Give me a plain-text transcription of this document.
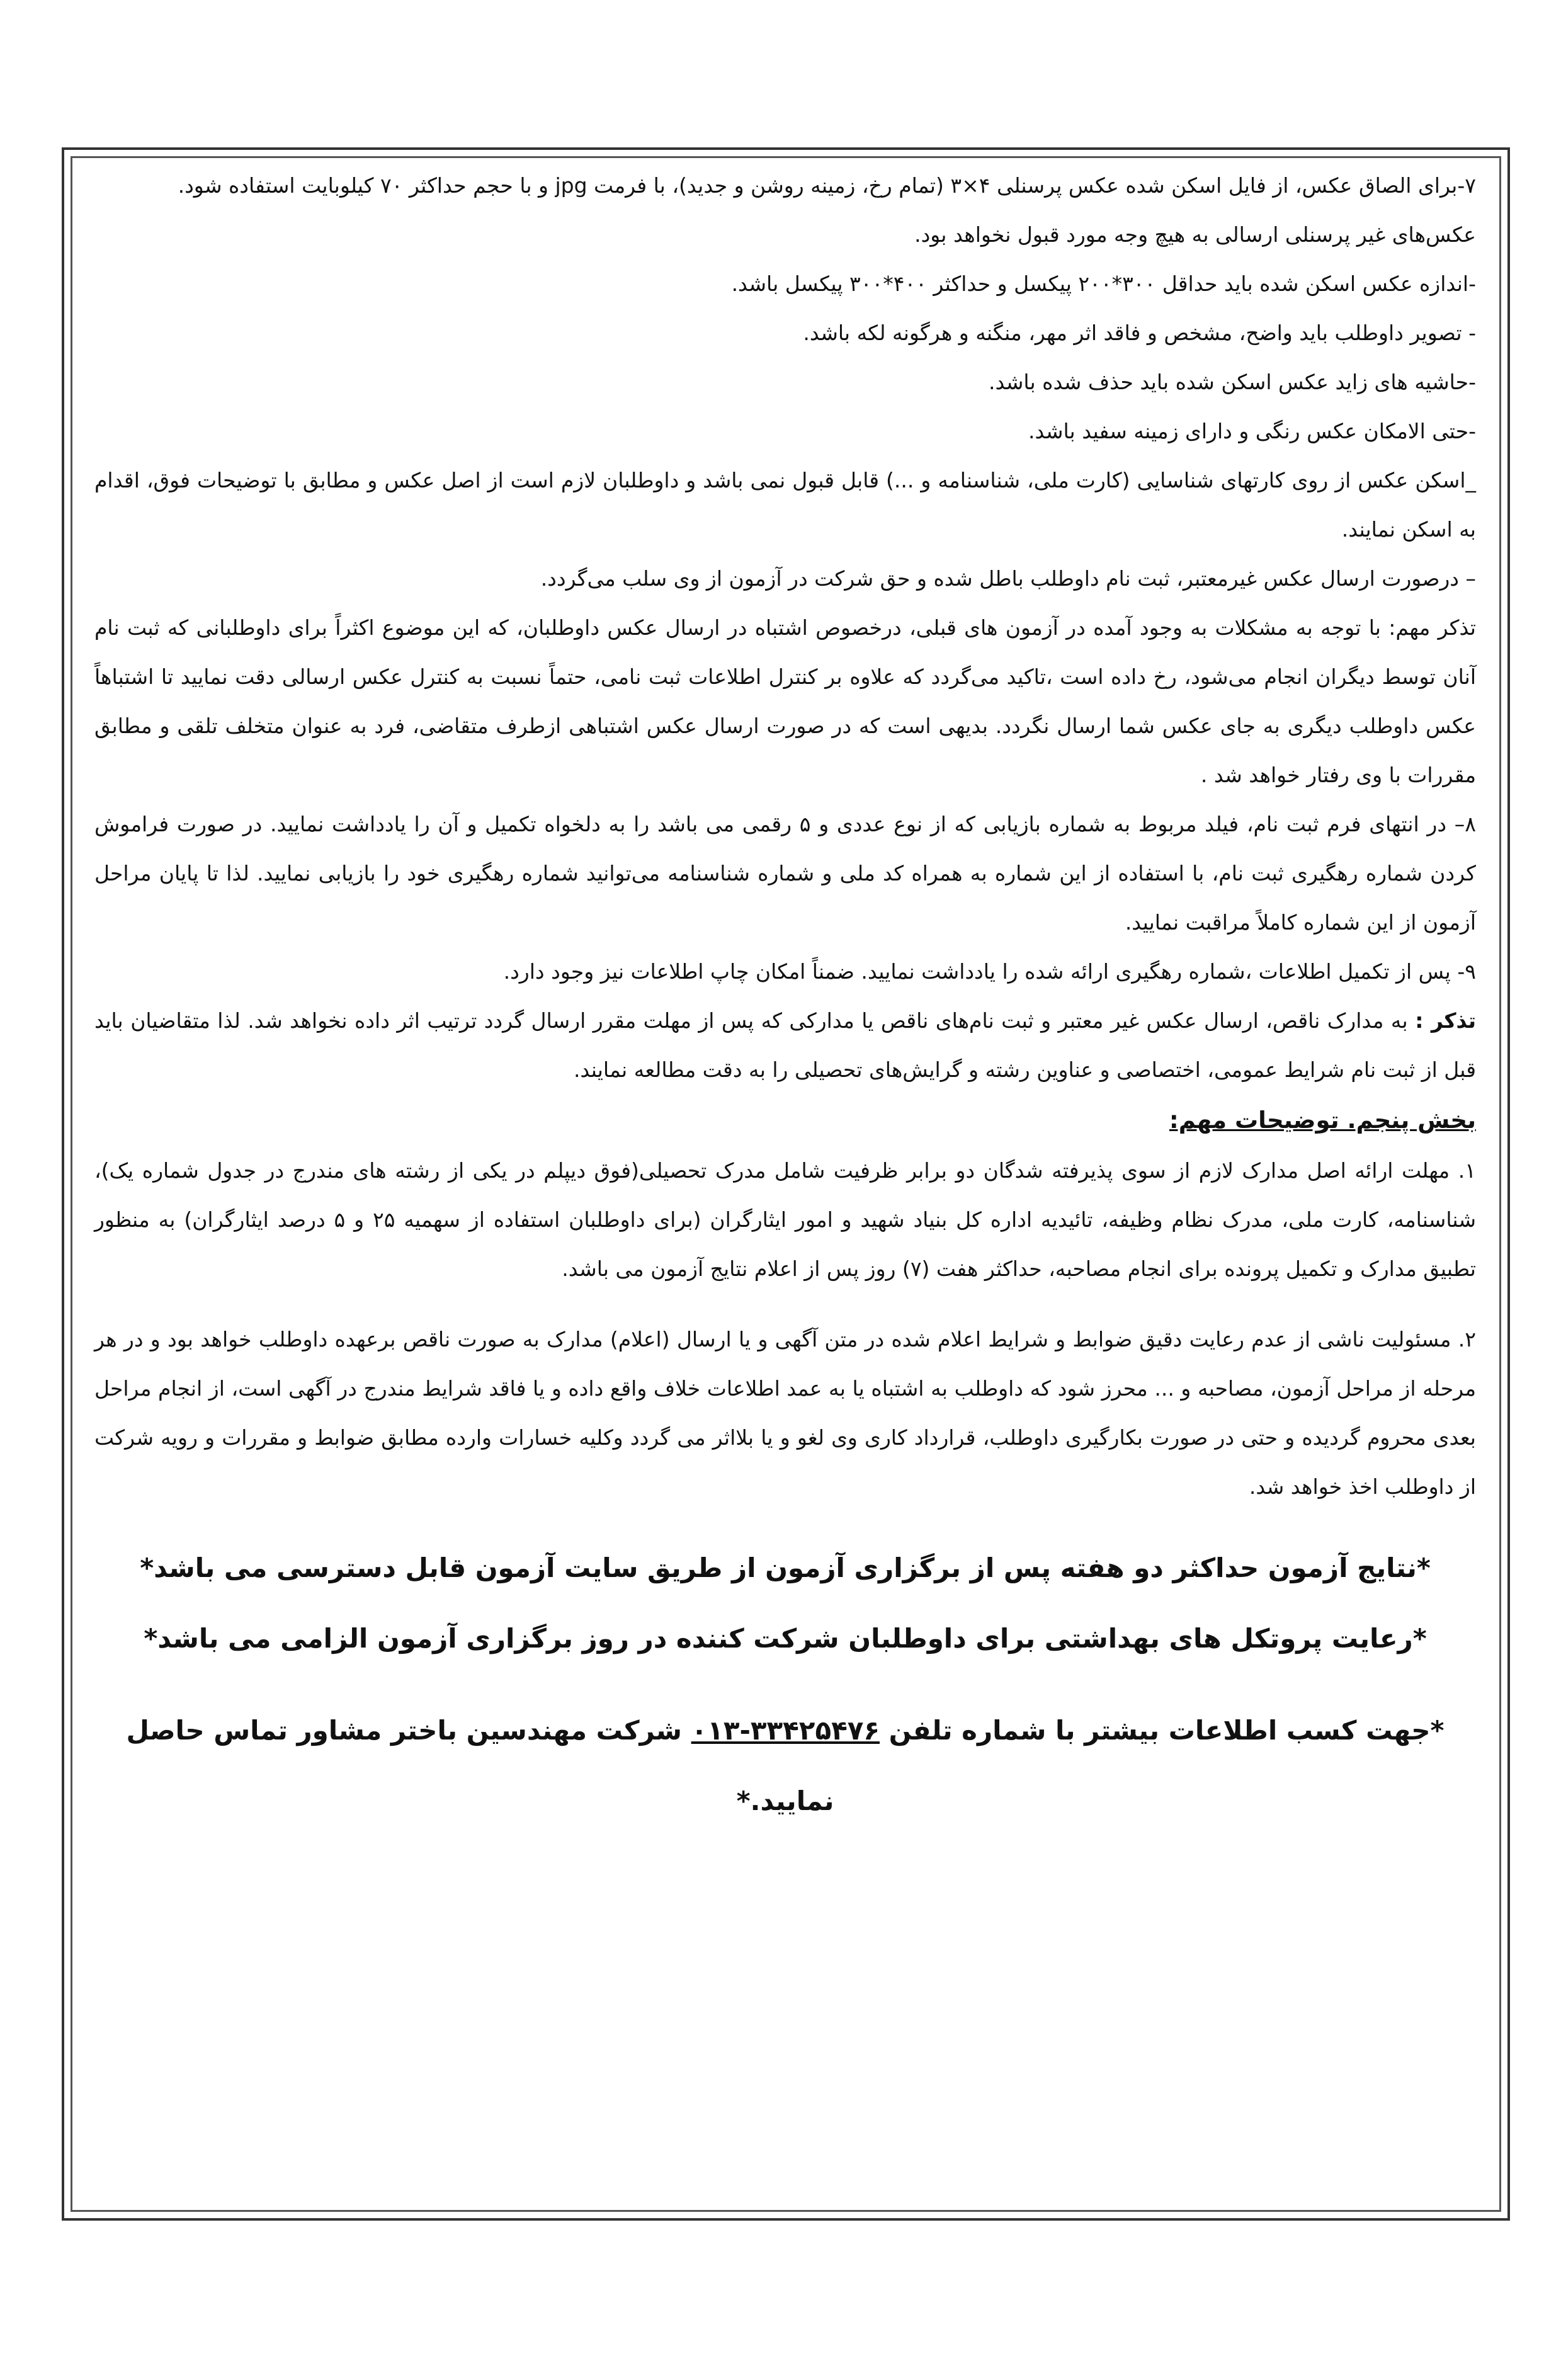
۷-برای الصاق عکس، از فایل اسکن شده عکس پرسنلی ۴×۳ (تمام رخ، زمینه روشن و جدید)، با فرمت jpg و با حجم حداکثر ۷۰ کیلوبایت استفاده شود.
عکس‌های غیر پرسنلی ارسالی به هیچ وجه مورد قبول نخواهد بود.
-اندازه عکس اسکن شده باید حداقل ۳۰۰*۲۰۰ پیکسل و حداکثر ۴۰۰*۳۰۰ پیکسل باشد.
- تصویر داوطلب باید واضح، مشخص و فاقد اثر مهر، منگنه و هرگونه لکه باشد.
-حاشیه های زاید عکس اسکن شده باید حذف شده باشد.
-حتی الامکان عکس رنگی و دارای زمینه سفید باشد.
_اسکن عکس از روی کارتهای شناسایی (کارت ملی، شناسنامه و ...) قابل قبول نمی باشد و داوطلبان لازم است از اصل عکس و مطابق با توضیحات فوق، اقدام به اسکن نمایند.
– درصورت ارسال عکس غیرمعتبر، ثبت نام داوطلب باطل شده و حق شرکت در آزمون از وی سلب می‌گردد.

تذکر مهم: با توجه به مشکلات به وجود آمده در آزمون های قبلی، درخصوص اشتباه در ارسال عکس داوطلبان، که این موضوع اکثراً برای داوطلبانی که ثبت نام آنان توسط دیگران انجام می‌شود، رخ داده است ،تاکید می‌گردد که علاوه بر کنترل اطلاعات ثبت نامی، حتماً نسبت به کنترل عکس ارسالی دقت نمایید تا اشتباهاً عکس داوطلب دیگری به جای عکس شما ارسال نگردد. بدیهی است که در صورت ارسال عکس اشتباهی ازطرف متقاضی، فرد به عنوان متخلف تلقی و مطابق مقررات با وی رفتار خواهد شد .

۸– در انتهای فرم ثبت نام، فیلد مربوط به شماره بازیابی که از نوع عددی و ۵ رقمی می باشد را به دلخواه تکمیل و آن را یادداشت نمایید. در صورت فراموش کردن شماره رهگیری ثبت نام، با استفاده از این شماره به همراه کد ملی و شماره شناسنامه می‌توانید شماره رهگیری خود را بازیابی نمایید. لذا تا پایان مراحل آزمون از این شماره کاملاً مراقبت نمایید.

۹- پس از تکمیل اطلاعات ،شماره رهگیری ارائه شده را یادداشت نمایید. ضمناً امکان چاپ اطلاعات نیز وجود دارد.

تذکر : به مدارک ناقص، ارسال عکس غیر معتبر و ثبت نام‌های ناقص یا مدارکی که پس از مهلت مقرر ارسال گردد ترتیب اثر داده نخواهد شد. لذا متقاضیان باید قبل از ثبت نام شرایط عمومی، اختصاصی و عناوین رشته و گرایش‌های تحصیلی را به دقت مطالعه نمایند.

بخش پنجم. توضیحات مهم:

۱. مهلت ارائه اصل مدارک لازم از سوی پذیرفته شدگان دو برابر ظرفیت شامل مدرک تحصیلی(فوق دیپلم در یکی از رشته های مندرج در جدول شماره یک)، شناسنامه، کارت ملی، مدرک نظام وظیفه، تائیدیه اداره کل بنیاد شهید و امور ایثارگران (برای داوطلبان استفاده از سهمیه ۲۵ و ۵ درصد ایثارگران) به منظور تطبیق مدارک و تکمیل پرونده برای انجام مصاحبه، حداکثر هفت (۷) روز پس از اعلام نتایج آزمون می باشد.

۲. مسئولیت ناشی از عدم رعایت دقیق ضوابط و شرایط اعلام شده در متن آگهی و یا ارسال (اعلام) مدارک به صورت ناقص برعهده داوطلب خواهد بود و در هر مرحله از مراحل آزمون، مصاحبه و ... محرز شود که داوطلب به اشتباه یا به عمد اطلاعات خلاف واقع داده و یا فاقد شرایط مندرج در آگهی است، از انجام مراحل بعدی محروم گردیده و حتی در صورت بکارگیری داوطلب، قرارداد کاری وی لغو و یا بلااثر می گردد وکلیه خسارات وارده مطابق ضوابط و مقررات و رویه شرکت از داوطلب اخذ خواهد شد.

*نتایج آزمون حداکثر دو هفته پس از برگزاری آزمون از طریق سایت آزمون قابل دسترسی می باشد*
*رعایت پروتکل های بهداشتی برای داوطلبان شرکت کننده در روز برگزاری آزمون الزامی می باشد*
*جهت کسب اطلاعات بیشتر با شماره تلفن ۰۱۳-۳۳۴۲۵۴۷۶ شرکت مهندسین باختر مشاور تماس حاصل نمایید.*
